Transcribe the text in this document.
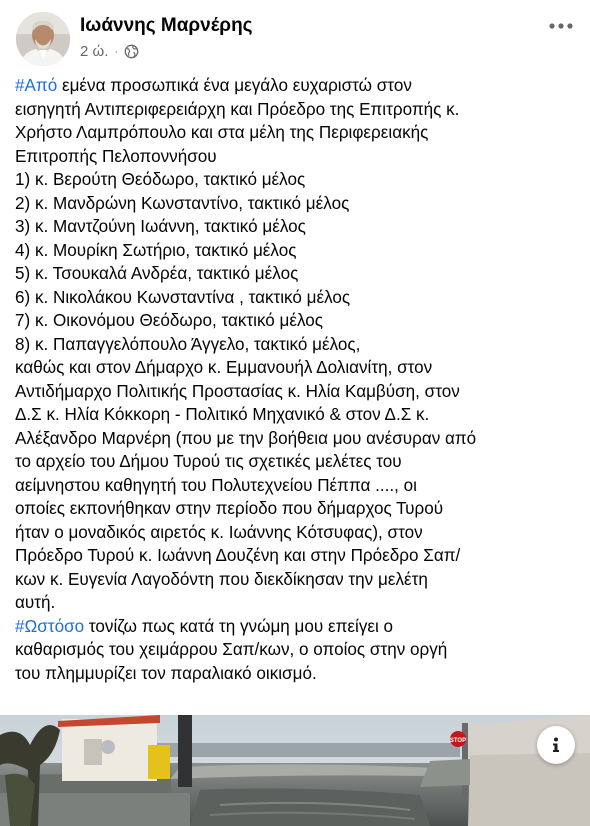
Ιωάννης Μαρνέρης
2 ώ. ·
#Από εμένα προσωπικά ένα μεγάλο ευχαριστώ στον
εισηγητή Αντιπεριφερειάρχη και Πρόεδρο της Επιτροπής κ.
Χρήστο Λαμπρόπουλο και στα μέλη της Περιφερειακής
Επιτροπής Πελοποννήσου
1) κ. Βερούτη Θεόδωρο, τακτικό μέλος
2) κ. Μανδρώνη Κωνσταντίνο, τακτικό μέλος
3) κ. Μαντζούνη Ιωάννη, τακτικό μέλος
4) κ. Μουρίκη Σωτήριο, τακτικό μέλος
5) κ. Τσουκαλά Ανδρέα, τακτικό μέλος
6) κ. Νικολάκου Κωνσταντίνα , τακτικό μέλος
7) κ. Οικονόμου Θεόδωρο, τακτικό μέλος
8) κ. Παπαγγελόπουλο Άγγελο, τακτικό μέλος,
καθώς και στον Δήμαρχο κ. Εμμανουήλ Δολιανίτη, στον
Αντιδήμαρχο Πολιτικής Προστασίας κ. Ηλία Καμβύση, στον
Δ.Σ κ. Ηλία Κόκκορη - Πολιτικό Μηχανικό & στον Δ.Σ κ.
Αλέξανδρο Μαρνέρη (που με την βοήθεια μου ανέσυραν από
το αρχείο του Δήμου Τυρού τις σχετικές μελέτες του
αείμνηστου καθηγητή του Πολυτεχνείου Πέππα ...., οι
οποίες εκπονήθηκαν στην περίοδο που δήμαρχος Τυρού
ήταν ο μοναδικός αιρετός κ. Ιωάννης Κότσυφας), στον
Πρόεδρο Τυρού κ. Ιωάννη Δουζένη και στην Πρόεδρο Σαπ/
κων κ. Ευγενία Λαγοδόντη που διεκδίκησαν την μελέτη
αυτή.
#Ωστόσο τονίζω πως κατά τη γνώμη μου επείγει ο
καθαρισμός του χειμάρρου Σαπ/κων, ο οποίος στην οργή
του πλημμυρίζει τον παραλιακό οικισμό.
STOP
